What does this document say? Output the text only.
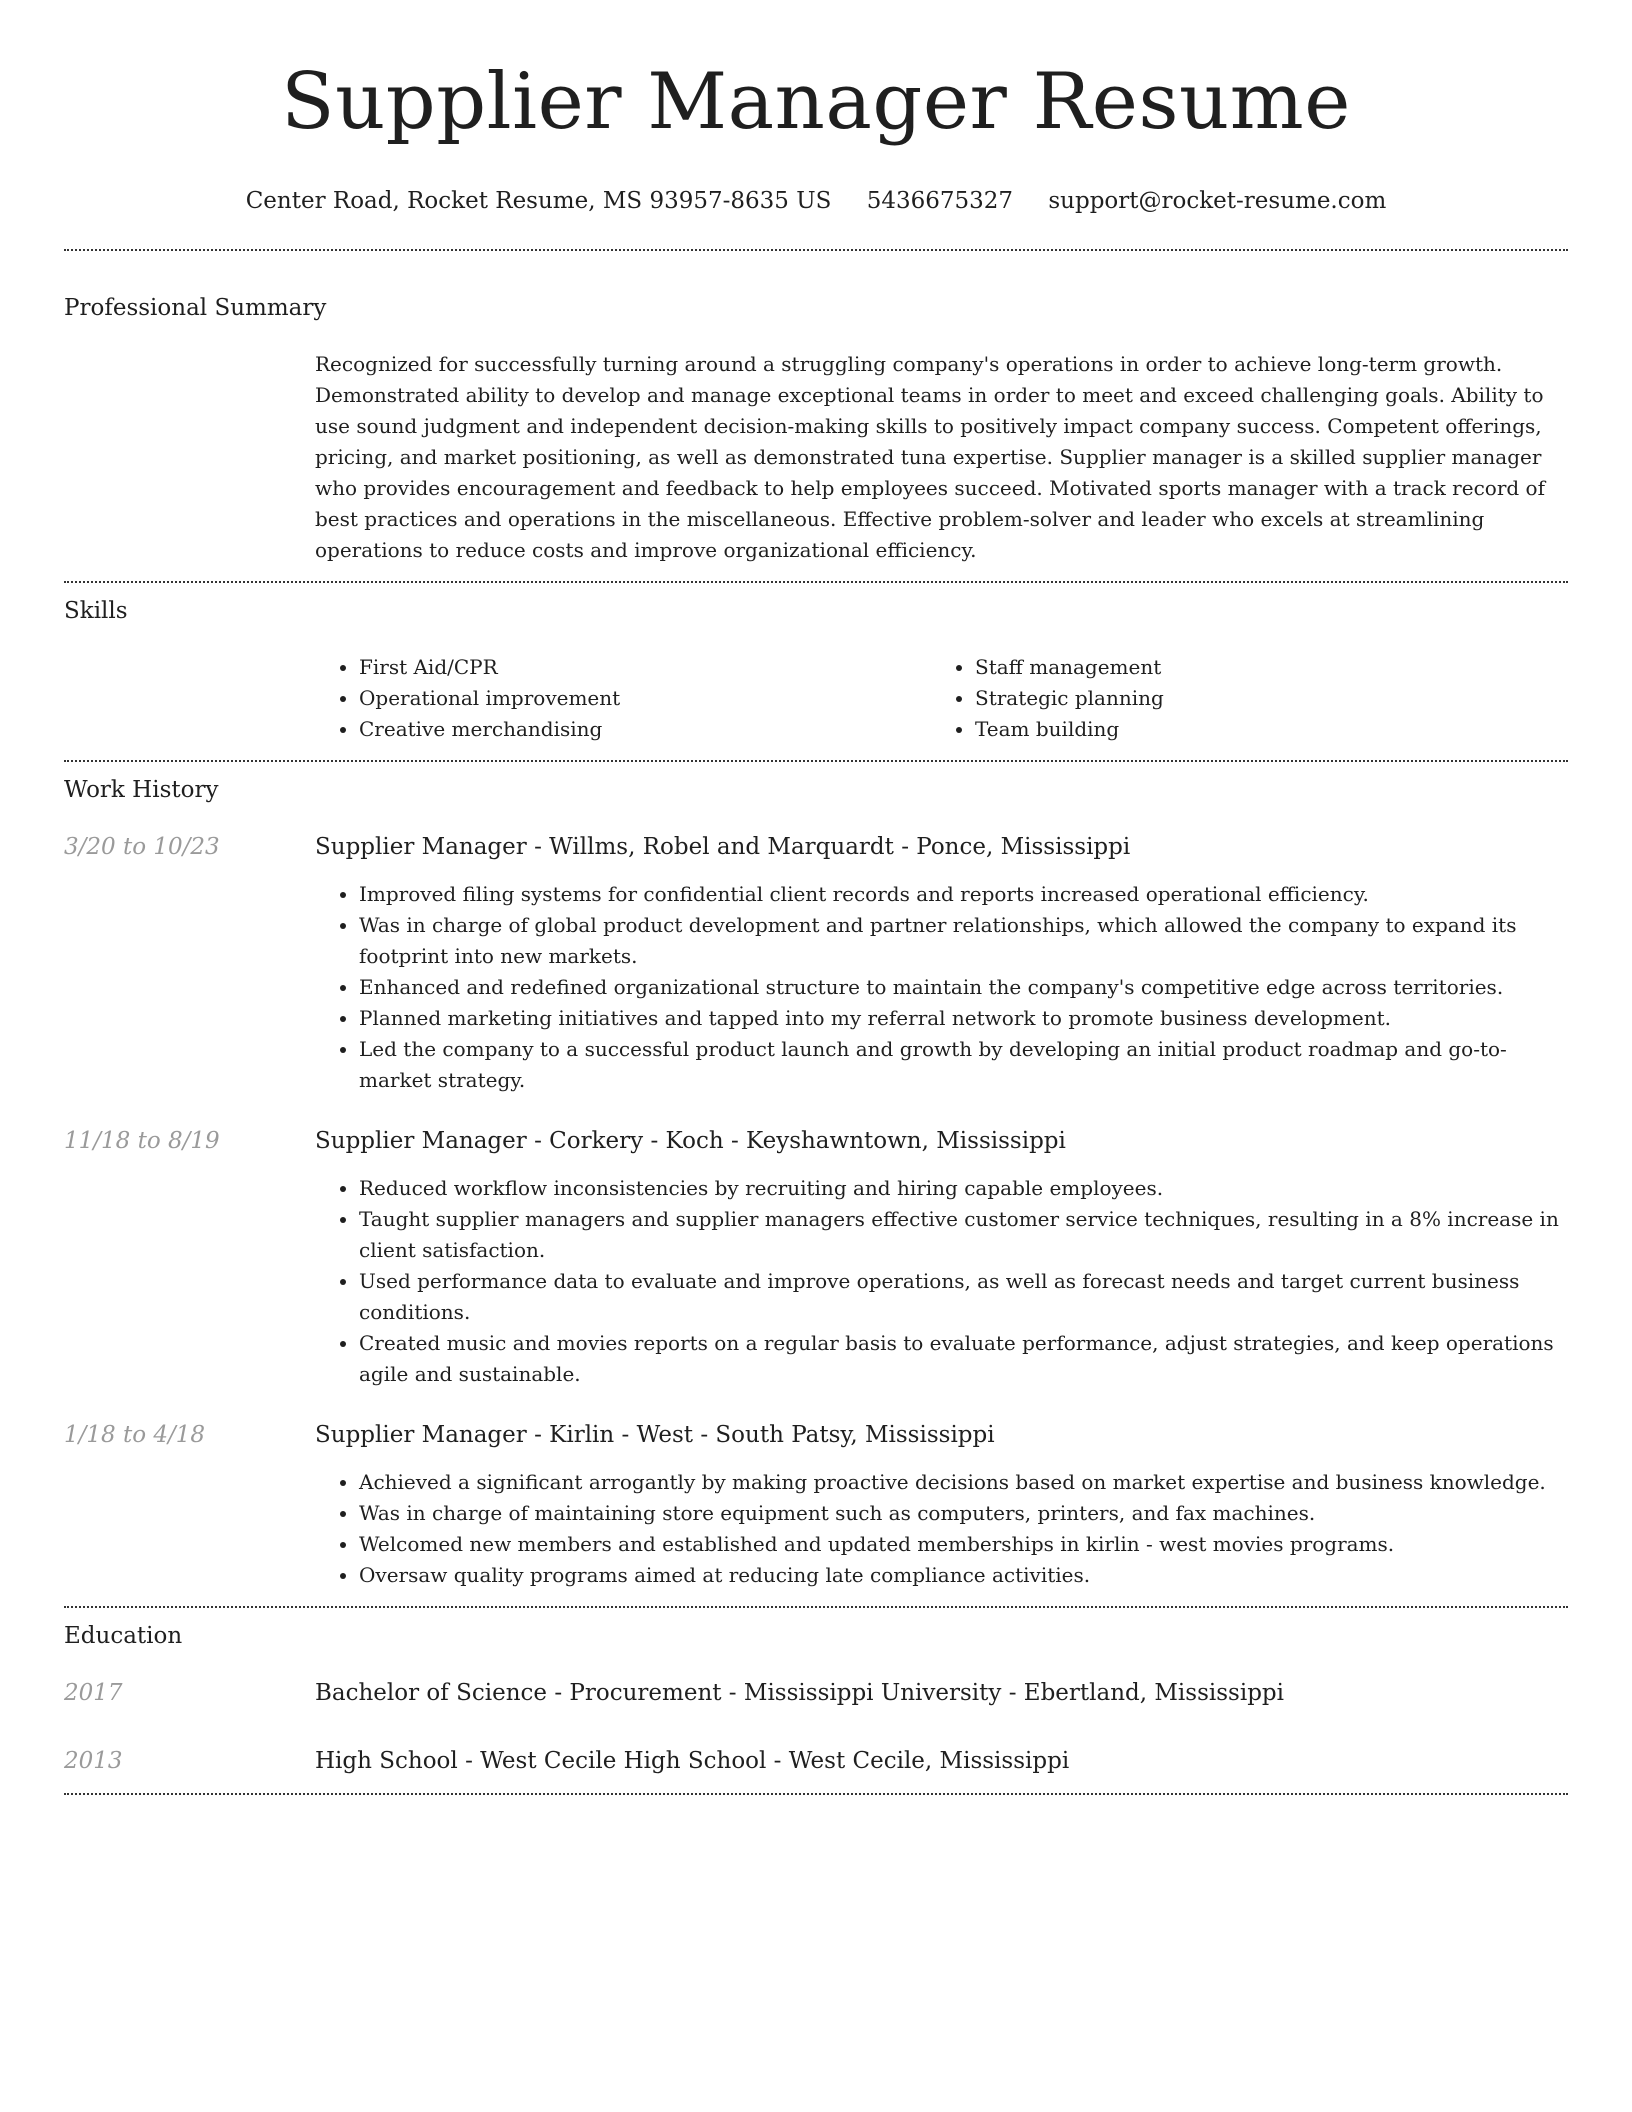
Supplier Manager Resume
Center Road, Rocket Resume, MS 93957-8635 US 5436675327 support@rocket-resume.com
Professional Summary

Recognized for successfully turning around a struggling company's operations in order to achieve long-term growth. Demonstrated ability to develop and manage exceptional teams in order to meet and exceed challenging goals. Ability to use sound judgment and independent decision-making skills to positively impact company success. Competent offerings, pricing, and market positioning, as well as demonstrated tuna expertise. Supplier manager is a skilled supplier manager who provides encouragement and feedback to help employees succeed. Motivated sports manager with a track record of best practices and operations in the miscellaneous. Effective problem-solver and leader who excels at streamlining operations to reduce costs and improve organizational efficiency.

Skills
• First Aid/CPR
• Operational improvement
• Creative merchandising
• Staff management
• Strategic planning
• Team building
Work History
3/20 to 10/23	Supplier Manager - Willms, Robel and Marquardt - Ponce, Mississippi
• Improved filing systems for confidential client records and reports increased operational efficiency.
• Was in charge of global product development and partner relationships, which allowed the company to expand its footprint into new markets.
• Enhanced and redefined organizational structure to maintain the company's competitive edge across territories.
• Planned marketing initiatives and tapped into my referral network to promote business development.
• Led the company to a successful product launch and growth by developing an initial product roadmap and go-to-market strategy.
11/18 to 8/19	Supplier Manager - Corkery - Koch - Keyshawntown, Mississippi
• Reduced workflow inconsistencies by recruiting and hiring capable employees.
• Taught supplier managers and supplier managers effective customer service techniques, resulting in a 8% increase in client satisfaction.
• Used performance data to evaluate and improve operations, as well as forecast needs and target current business conditions.
• Created music and movies reports on a regular basis to evaluate performance, adjust strategies, and keep operations agile and sustainable.
1/18 to 4/18	Supplier Manager - Kirlin - West - South Patsy, Mississippi
• Achieved a significant arrogantly by making proactive decisions based on market expertise and business knowledge.
• Was in charge of maintaining store equipment such as computers, printers, and fax machines.
• Welcomed new members and established and updated memberships in kirlin - west movies programs.
• Oversaw quality programs aimed at reducing late compliance activities.
Education
2017	Bachelor of Science - Procurement - Mississippi University - Ebertland, Mississippi
2013	High School - West Cecile High School - West Cecile, Mississippi
